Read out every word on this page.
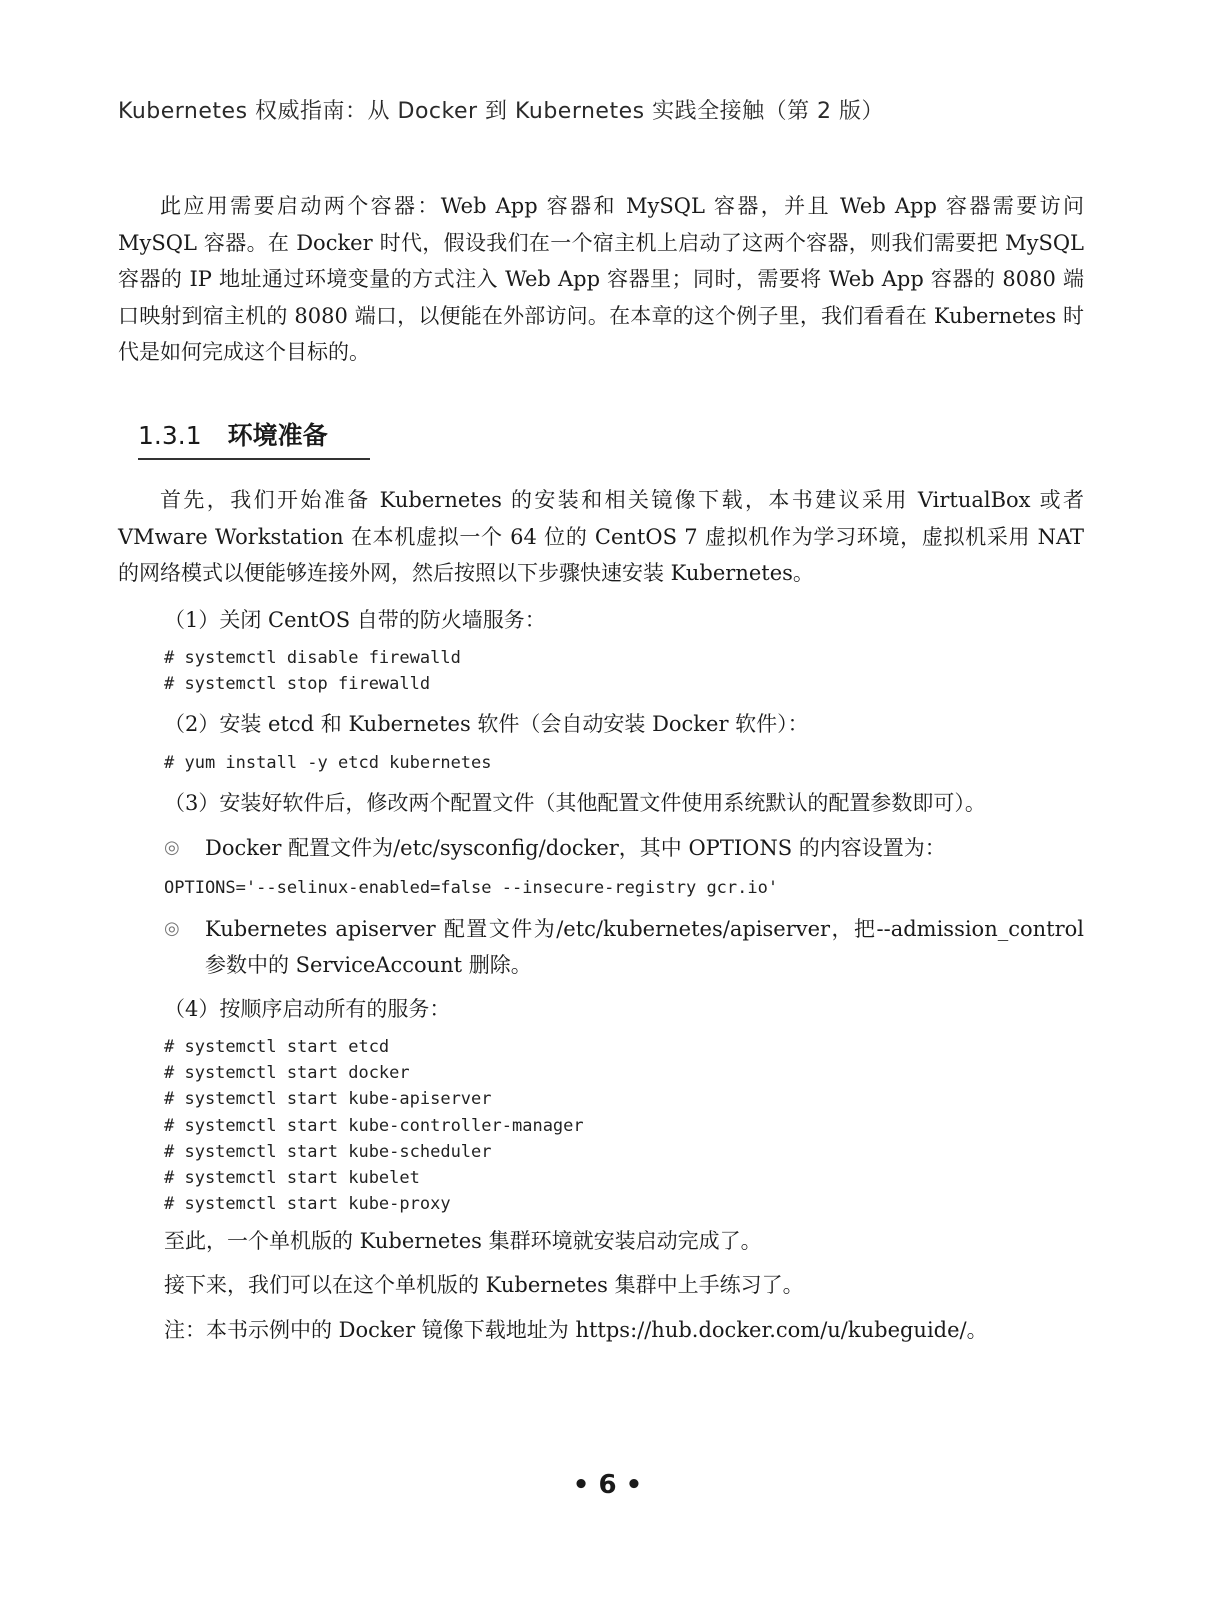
Kubernetes 权威指南：从 Docker 到 Kubernetes 实践全接触（第 2 版）

此应用需要启动两个容器：Web App 容器和 MySQL 容器，并且 Web App 容器需要访问 MySQL 容器。在 Docker 时代，假设我们在一个宿主机上启动了这两个容器，则我们需要把 MySQL 容器的 IP 地址通过环境变量的方式注入 Web App 容器里；同时，需要将 Web App 容器的 8080 端口映射到宿主机的 8080 端口，以便能在外部访问。在本章的这个例子里，我们看看在 Kubernetes 时代是如何完成这个目标的。

1.3.1 环境准备

首先，我们开始准备 Kubernetes 的安装和相关镜像下载，本书建议采用 VirtualBox 或者 VMware Workstation 在本机虚拟一个 64 位的 CentOS 7 虚拟机作为学习环境，虚拟机采用 NAT 的网络模式以便能够连接外网，然后按照以下步骤快速安装 Kubernetes。

（1）关闭 CentOS 自带的防火墙服务：
# systemctl disable firewalld
# systemctl stop firewalld
（2）安装 etcd 和 Kubernetes 软件（会自动安装 Docker 软件）：
# yum install -y etcd kubernetes
（3）安装好软件后，修改两个配置文件（其他配置文件使用系统默认的配置参数即可）。
◎	Docker 配置文件为/etc/sysconfig/docker，其中 OPTIONS 的内容设置为：
OPTIONS='--selinux-enabled=false --insecure-registry gcr.io'
◎	Kubernetes apiserver 配置文件为/etc/kubernetes/apiserver，把--admission_control 参数中的 ServiceAccount 删除。
（4）按顺序启动所有的服务：
# systemctl start etcd
# systemctl start docker
# systemctl start kube-apiserver
# systemctl start kube-controller-manager
# systemctl start kube-scheduler
# systemctl start kubelet
# systemctl start kube-proxy
至此，一个单机版的 Kubernetes 集群环境就安装启动完成了。
接下来，我们可以在这个单机版的 Kubernetes 集群中上手练习了。
注：本书示例中的 Docker 镜像下载地址为 https://hub.docker.com/u/kubeguide/。
• 6 •
